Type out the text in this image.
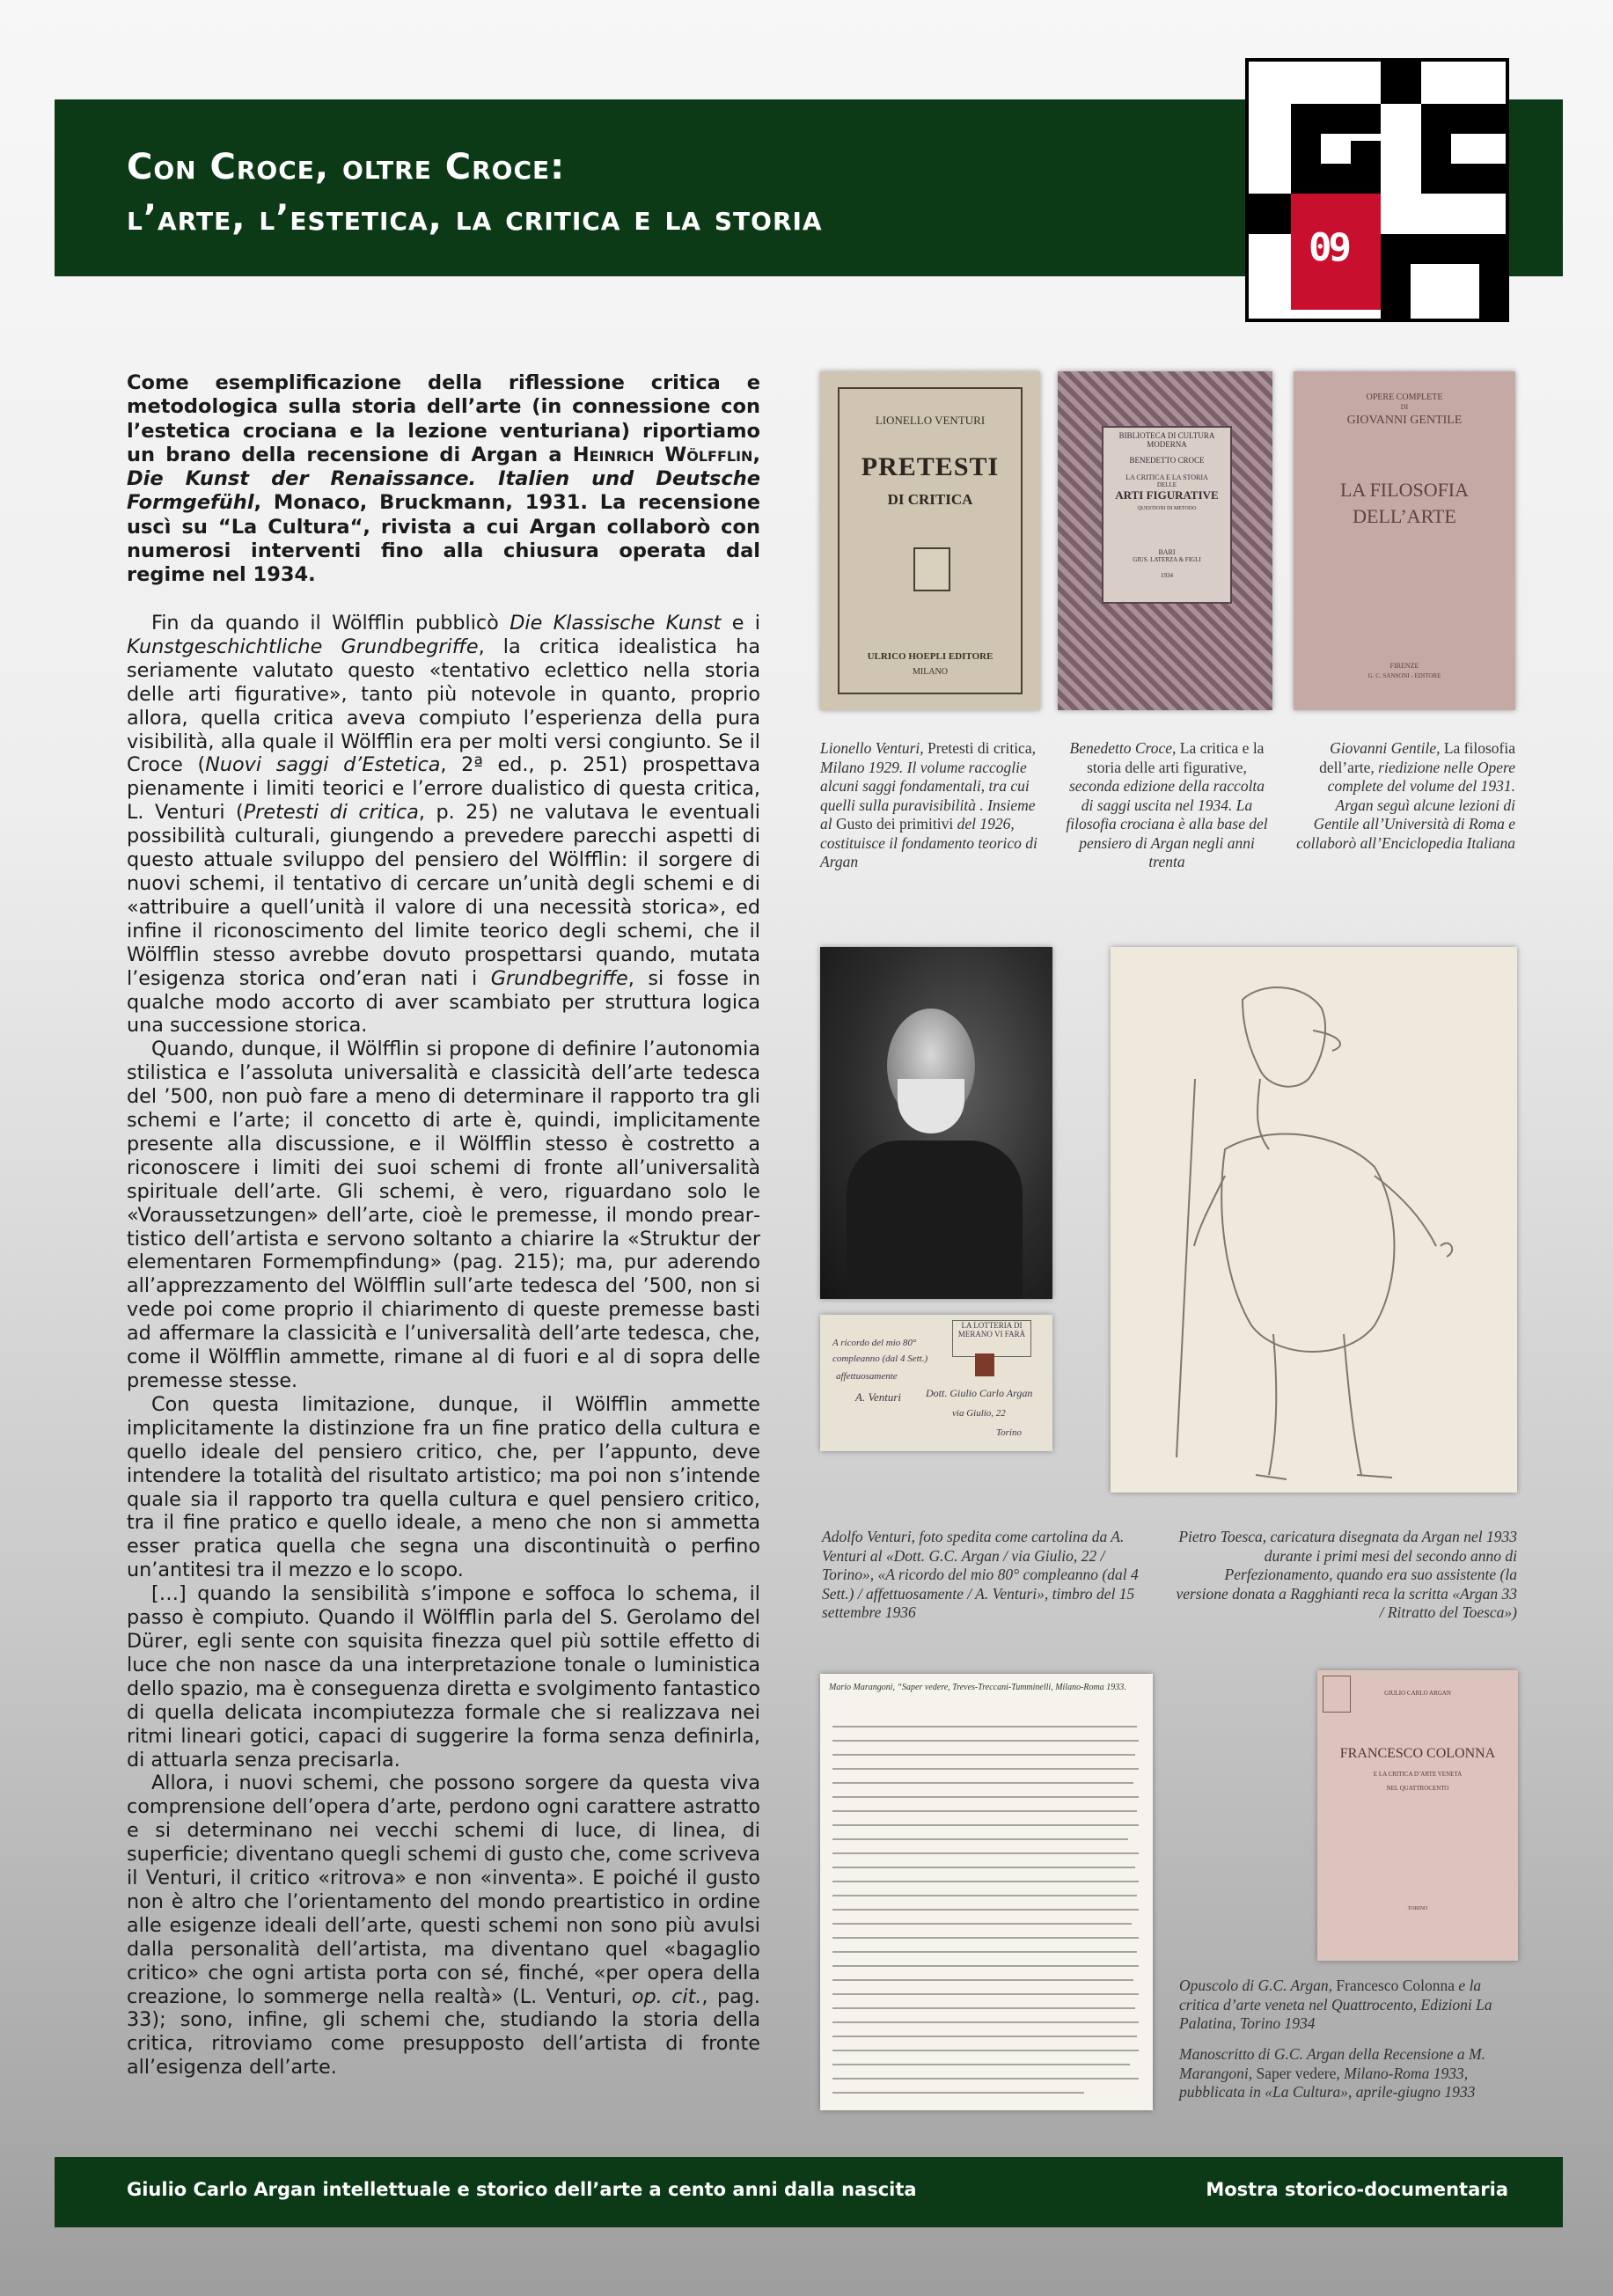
Con Croce, oltre Croce:
l’arte, l’estetica, la critica e la storia
09
Come esemplificazione della riflessione critica e metodologica sulla storia dell’arte (in connessione con l’estetica crociana e la lezione venturiana) riportiamo un brano della recensione di Argan a Heinrich Wölfflin, Die Kunst der Renaissance. Italien und Deutsche Formgefühl, Monaco, Bruckmann, 1931. La recensione uscì su “La Cultura“, rivista a cui Argan collaborò con numerosi interventi fino alla chiusura operata dal regime nel 1934.

Fin da quando il Wölfflin pubblicò Die Klassische Kunst e i Kunstgeschichtliche Grundbegriffe, la critica idealistica ha seriamente valutato questo «tentativo eclettico nella storia delle arti figurative», tanto più notevole in quanto, proprio allora, quella critica aveva compiuto l’esperienza della pura visibilità, alla quale il Wölfflin era per molti versi congiunto. Se il Croce (Nuovi saggi d’Estetica, 2ª ed., p. 251) prospettava pienamente i limiti teorici e l’errore dualistico di questa critica, L. Venturi (Pretesti di critica, p. 25) ne valutava le eventuali possibilità culturali, giungendo a prevedere parecchi aspetti di questo attuale sviluppo del pensiero del Wölfflin: il sorgere di nuovi schemi, il tentativo di cercare un’unità degli schemi e di «attribuire a quell’unità il valore di una necessità storica», ed infine il riconoscimento del limite teorico degli schemi, che il Wölfflin stesso avrebbe dovuto prospettarsi quando, mutata l’esigenza storica ond’eran nati i Grundbegriffe, si fosse in qualche modo accorto di aver scambiato per struttura logica una successione storica.

Quando, dunque, il Wölfflin si propone di definire l’autonomia stilistica e l’assoluta universalità e classicità dell’arte tedesca del ’500, non può fare a meno di determinare il rapporto tra gli schemi e l’arte; il concetto di arte è, quindi, implicitamente presente alla discussione, e il Wölfflin stesso è costretto a riconoscere i limiti dei suoi schemi di fronte all’universalità spirituale dell’arte. Gli schemi, è vero, riguardano solo le «Voraussetzungen» dell’arte, cioè le premesse, il mondo preartistico dell’artista e servono soltanto a chiarire la «Struktur der elementaren Formempfindung» (pag. 215); ma, pur aderendo all’apprezzamento del Wölfflin sull’arte tedesca del ’500, non si vede poi come proprio il chiarimento di queste premesse basti ad affermare la classicità e l’universalità dell’arte tedesca, che, come il Wölfflin ammette, rimane al di fuori e al di sopra delle premesse stesse.

Con questa limitazione, dunque, il Wölfflin ammette implicitamente la distinzione fra un fine pratico della cultura e quello ideale del pensiero critico, che, per l’appunto, deve intendere la totalità del risultato artistico; ma poi non s’intende quale sia il rapporto tra quella cultura e quel pensiero critico, tra il fine pratico e quello ideale, a meno che non si ammetta esser pratica quella che segna una discontinuità o perfino un’antitesi tra il mezzo e lo scopo.

[…] quando la sensibilità s’impone e soffoca lo schema, il passo è compiuto. Quando il Wölfflin parla del S. Gerolamo del Dürer, egli sente con squisita finezza quel più sottile effetto di luce che non nasce da una interpretazione tonale o luministica dello spazio, ma è conseguenza diretta e svolgimento fantastico di quella delicata incompiutezza formale che si realizzava nei ritmi lineari gotici, capaci di suggerire la forma senza definirla, di attuarla senza precisarla.

Allora, i nuovi schemi, che possono sorgere da questa viva comprensione dell’opera d’arte, perdono ogni carattere astratto e si determinano nei vecchi schemi di luce, di linea, di superficie; diventano quegli schemi di gusto che, come scriveva il Venturi, il critico «ritrova» e non «inventa». E poiché il gusto non è altro che l’orientamento del mondo preartistico in ordine alle esigenze ideali dell’arte, questi schemi non sono più avulsi dalla personalità dell’artista, ma diventano quel «bagaglio critico» che ogni artista porta con sé, finché, «per opera della creazione, lo sommerge nella realtà» (L. Venturi, op. cit., pag. 33); sono, infine, gli schemi che, studiando la storia della critica, ritroviamo come presupposto dell’artista di fronte all’esigenza dell’arte.

LIONELLO VENTURI
PRETESTI
DI CRITICA
ULRICO HOEPLI EDITORE
MILANO
BIBLIOTECA DI CULTURA
MODERNA
BENEDETTO CROCE
LA CRITICA E LA STORIA
DELLE
ARTI FIGURATIVE
QUESTIONI DI METODO
BARI
GIUS. LATERZA & FIGLI
1934
OPERE COMPLETE
DI
GIOVANNI GENTILE
LA FILOSOFIA
DELL’ARTE
FIRENZE
G. C. SANSONI - EDITORE
Lionello Venturi, Pretesti di critica, Milano 1929. Il volume raccoglie alcuni saggi fondamentali, tra cui quelli sulla puravisibilità . Insieme al Gusto dei primitivi del 1926, costituisce il fondamento teorico di Argan
Benedetto Croce, La critica e la storia delle arti figurative, seconda edizione della raccolta di saggi uscita nel 1934. La filosofia crociana è alla base del pensiero di Argan negli anni trenta
Giovanni Gentile, La filosofia dell’arte, riedizione nelle Opere complete del volume del 1931. Argan seguì alcune lezioni di Gentile all’Università di Roma e collaborò all’Enciclopedia Italiana
LA LOTTERIA DI MERANO VI FARÀ
A ricordo del mio 80°
compleanno (dal 4 Sett.)
affettuosamente
A. Venturi Dott. Giulio Carlo Argan
via Giulio, 22
Torino
Adolfo Venturi, foto spedita come cartolina da A. Venturi al «Dott. G.C. Argan / via Giulio, 22 / Torino», «A ricordo del mio 80° compleanno (dal 4 Sett.) / affettuosamente / A. Venturi», timbro del 15 settembre 1936
Pietro Toesca, caricatura disegnata da Argan nel 1933 durante i primi mesi del secondo anno di Perfezionamento, quando era suo assistente (la versione donata a Ragghianti reca la scritta «Argan 33 / Ritratto del Toesca»)
Mario Marangoni, “Saper vedere, Treves-Treccani-Tumminelli, Milano-Roma 1933.
GIULIO CARLO ARGAN
FRANCESCO COLONNA
E LA CRITICA D’ARTE VENETA
NEL QUATTROCENTO
TORINO
Opuscolo di G.C. Argan, Francesco Colonna e la critica d’arte veneta nel Quattrocento, Edizioni La Palatina, Torino 1934
Manoscritto di G.C. Argan della Recensione a M. Marangoni, Saper vedere, Milano-Roma 1933, pubblicata in «La Cultura», aprile-giugno 1933
Giulio Carlo Argan intellettuale e storico dell’arte a cento anni dalla nascita	Mostra storico-documentaria
